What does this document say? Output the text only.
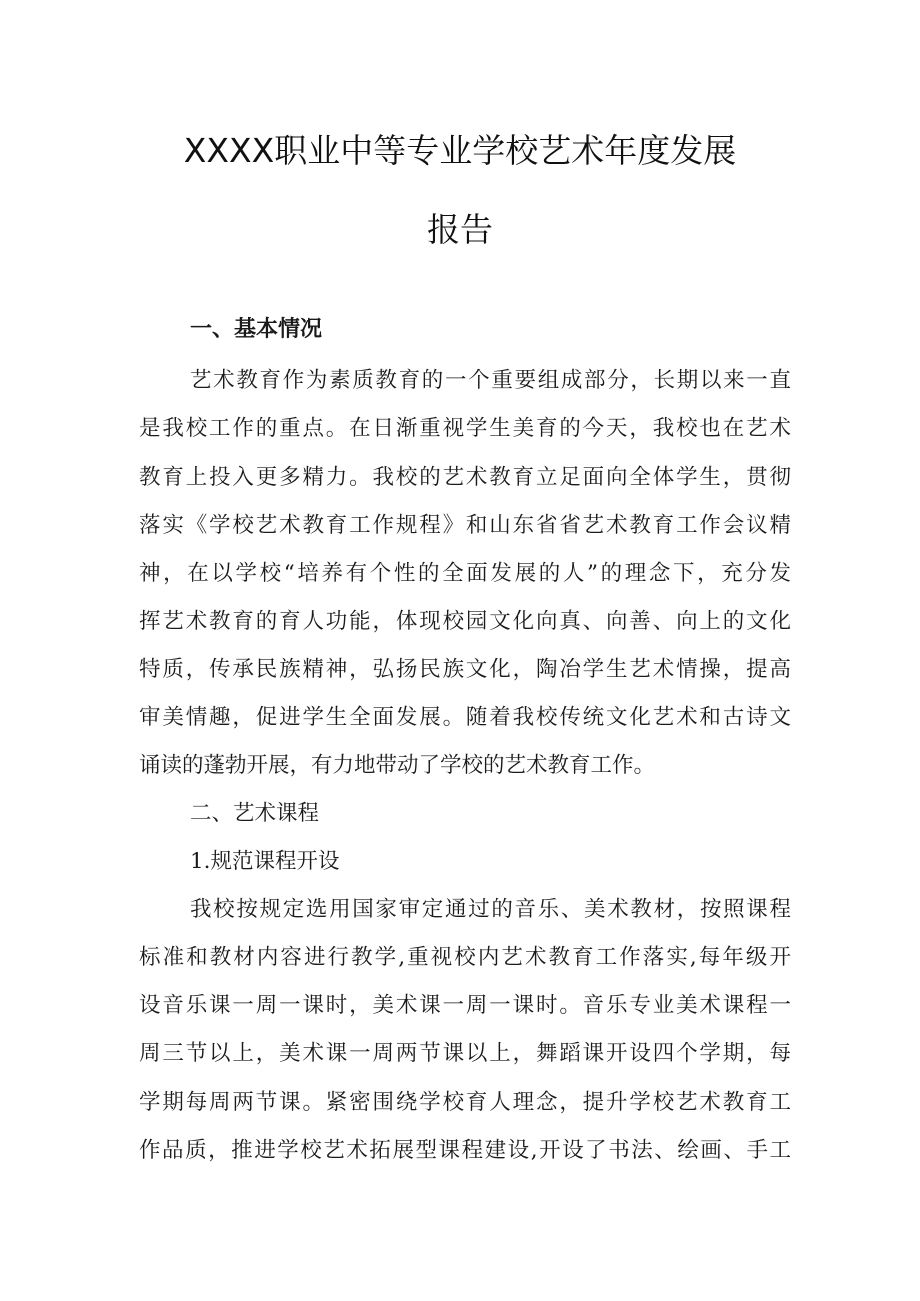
XXXX职业中等专业学校艺术年度发展
报告
一、基本情况
艺术教育作为素质教育的一个重要组成部分，长期以来一直
是我校工作的重点。在日渐重视学生美育的今天，我校也在艺术
教育上投入更多精力。我校的艺术教育立足面向全体学生，贯彻
落实《学校艺术教育工作规程》和山东省省艺术教育工作会议精
神，在以学校“培养有个性的全面发展的人”的理念下，充分发
挥艺术教育的育人功能，体现校园文化向真、向善、向上的文化
特质，传承民族精神，弘扬民族文化，陶冶学生艺术情操，提高
审美情趣，促进学生全面发展。随着我校传统文化艺术和古诗文
诵读的蓬勃开展，有力地带动了学校的艺术教育工作。
二、艺术课程
1.规范课程开设
我校按规定选用国家审定通过的音乐、美术教材，按照课程
标准和教材内容进行教学,重视校内艺术教育工作落实,每年级开
设音乐课一周一课时，美术课一周一课时。音乐专业美术课程一
周三节以上，美术课一周两节课以上，舞蹈课开设四个学期，每
学期每周两节课。紧密围绕学校育人理念，提升学校艺术教育工
作品质，推进学校艺术拓展型课程建设,开设了书法、绘画、手工
